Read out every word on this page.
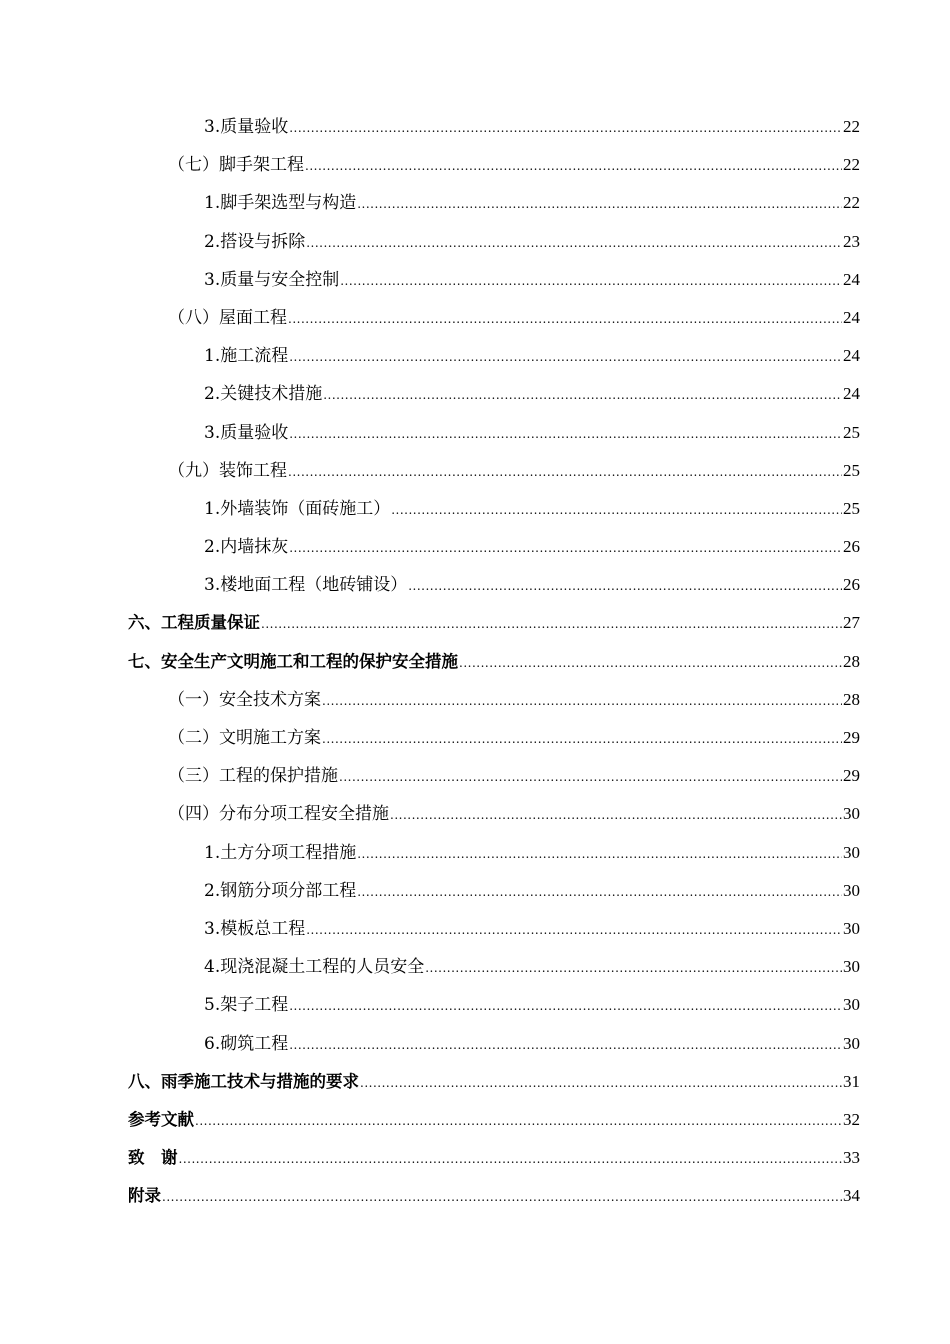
3. 质量验收 .....	22
（七） 脚手架工程 .....	22
1. 脚手架选型与构造 .....	22
2. 搭设与拆除 .....	23
3. 质量与安全控制 .....	24
（八） 屋面工程 .....	24
1. 施工流程 .....	24
2. 关键技术措施 .....	24
3. 质量验收 .....	25
（九） 装饰工程 .....	25
1. 外墙装饰（面砖施工） .....	25
2. 内墙抹灰 .....	26
3. 楼地面工程（地砖铺设） .....	26
六、 工程质量保证 .....	27
七、 安全生产文明施工和工程的保护安全措施 .....	28
（一） 安全技术方案 .....	28
（二） 文明施工方案 .....	29
（三） 工程的保护措施 .....	29
（四） 分布分项工程安全措施 .....	30
1. 土方分项工程措施 .....	30
2. 钢筋分项分部工程 .....	30
3. 模板总工程 .....	30
4. 现浇混凝土工程的人员安全 .....	30
5. 架子工程 .....	30
6. 砌筑工程 .....	30
八、 雨季施工技术与措施的要求 .....	31
参考文献 .....	32
致　谢 .....	33
附录 .....	34
